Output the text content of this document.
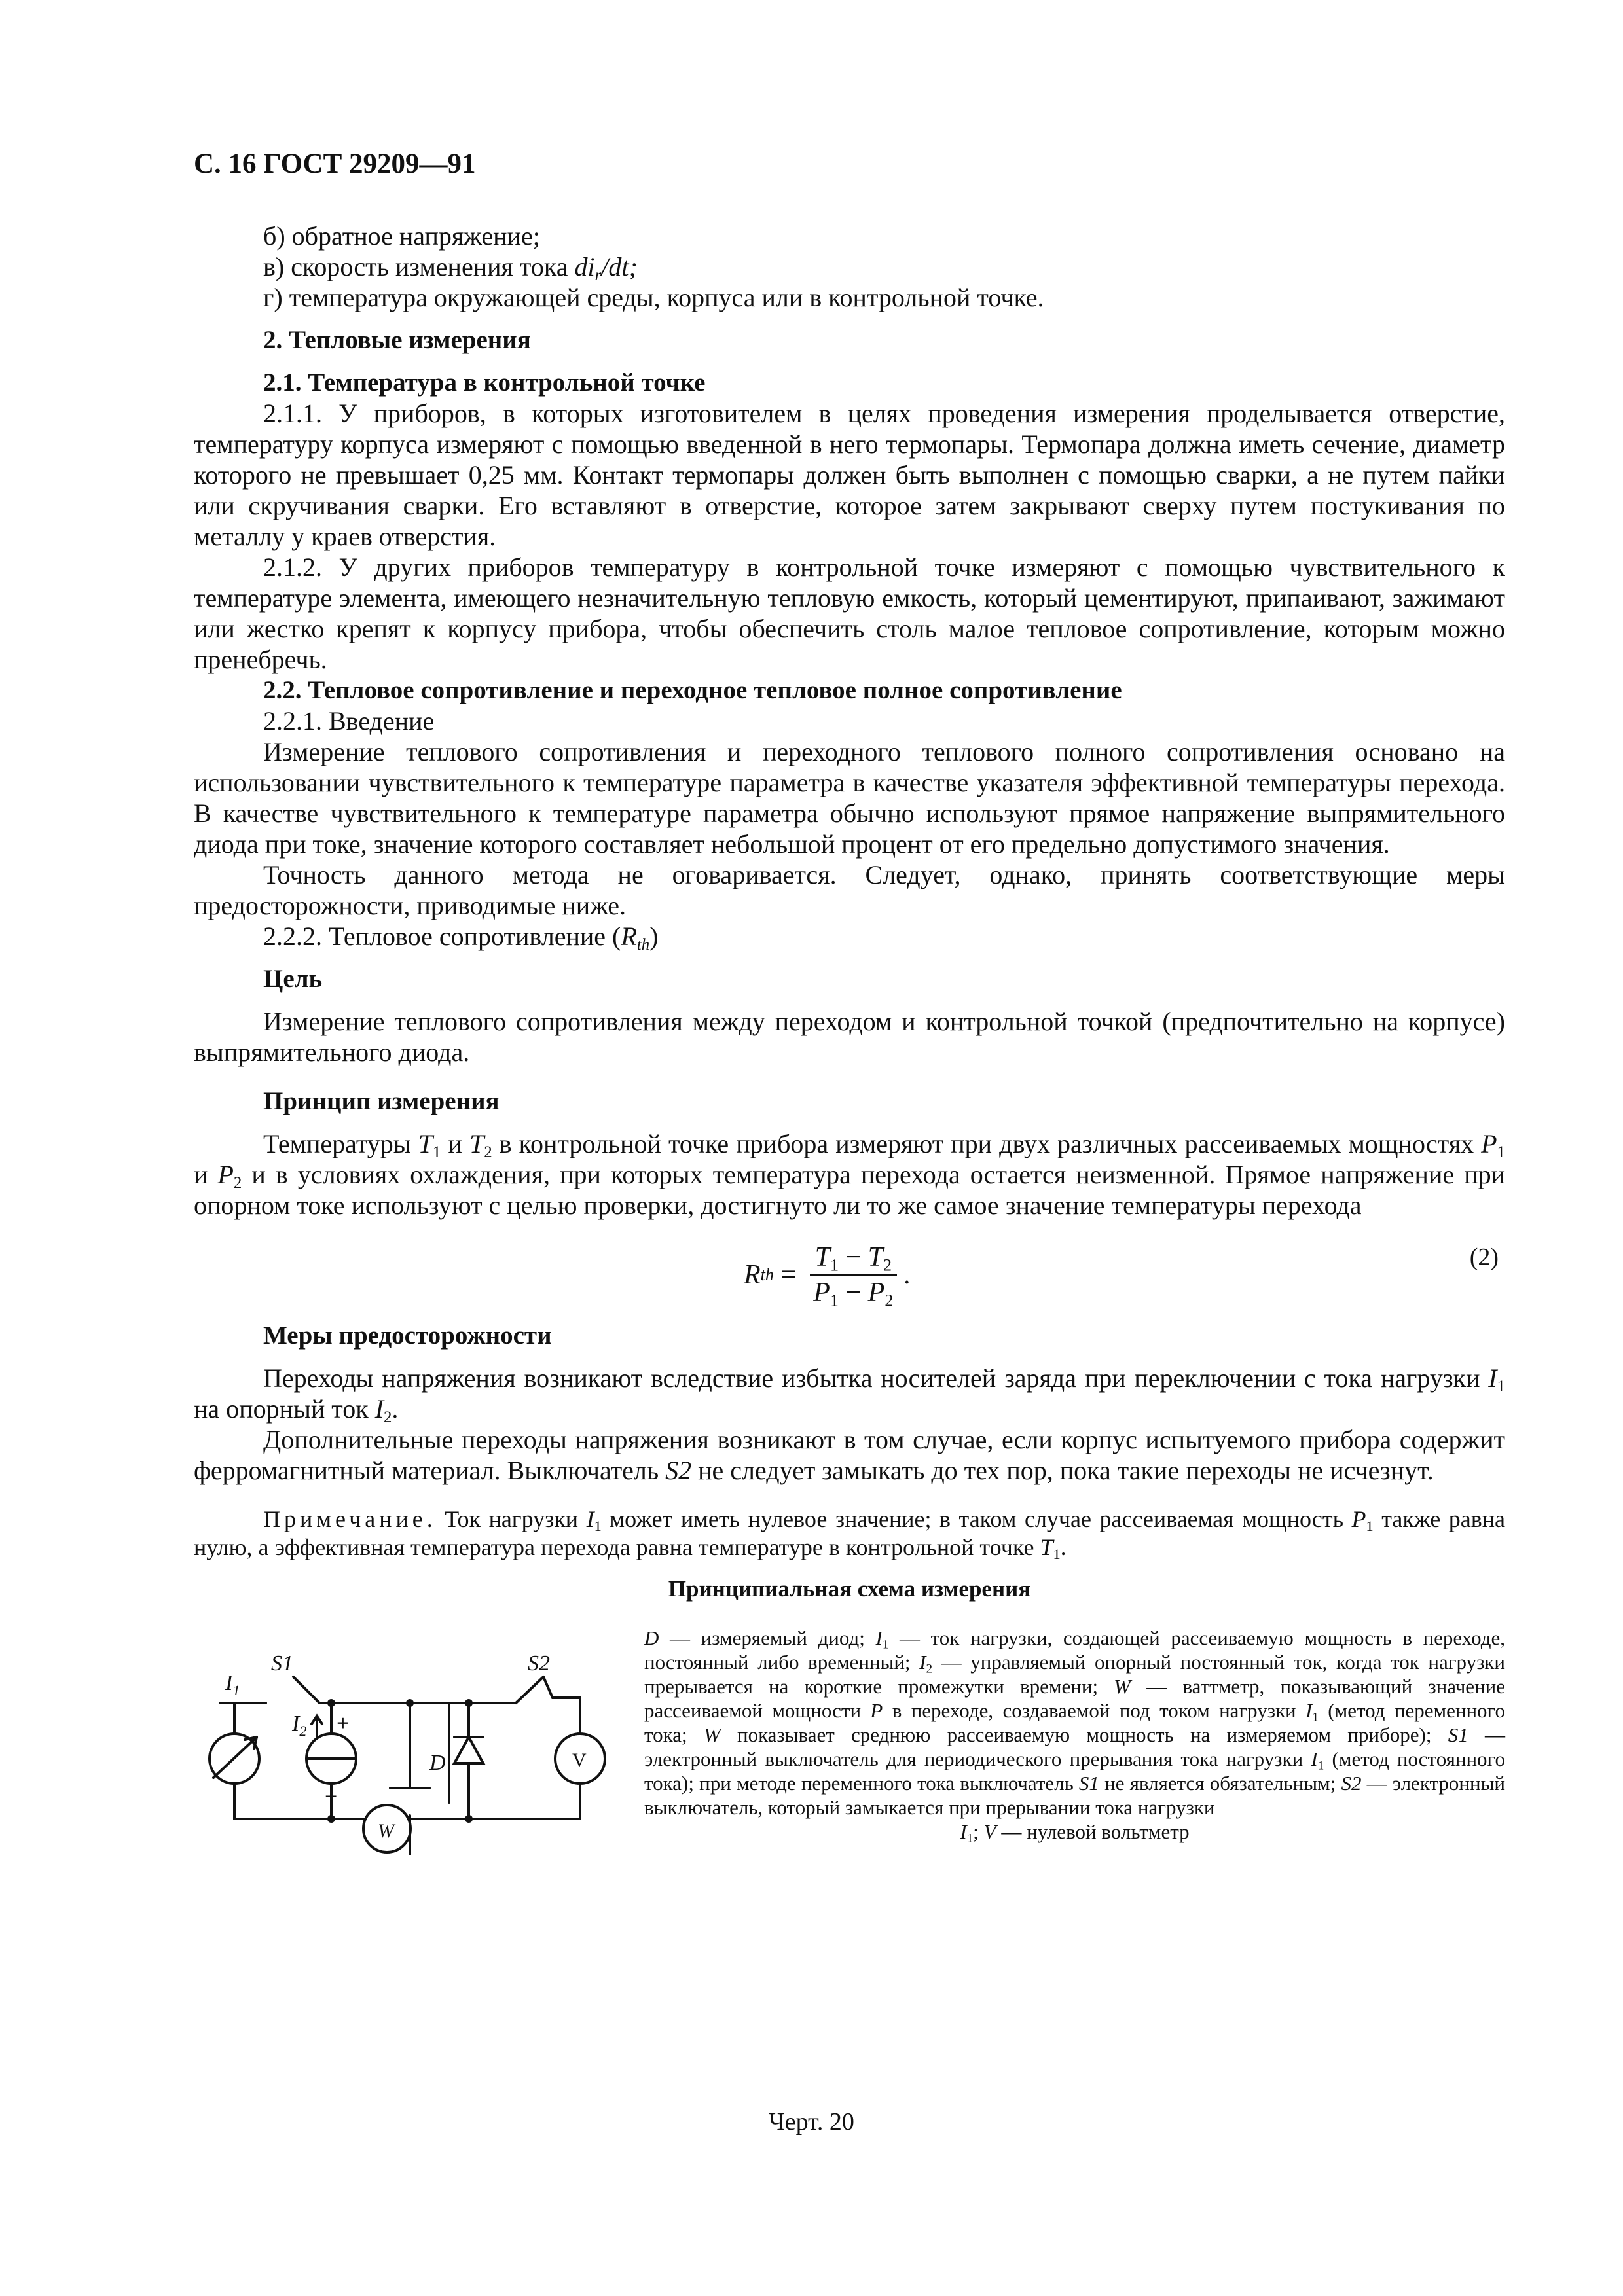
С. 16 ГОСТ 29209—91

б) обратное напряжение;

в) скорость изменения тока $di_r/dt$;

г) температура окружающей среды, корпуса или в контрольной точке.

2. Тепловые измерения

2.1. Температура в контрольной точке

2.1.1. У приборов, в которых изготовителем в целях проведения измерения проделывается отверстие, температуру корпуса измеряют с помощью введенной в него термопары. Термопара должна иметь сечение, диаметр которого не превышает 0,25 мм. Контакт термопары должен быть выполнен с помощью сварки, а не путем пайки или скручивания сварки. Его вставляют в отверстие, которое затем закрывают сверху путем постукивания по металлу у краев отверстия.

2.1.2. У других приборов температуру в контрольной точке измеряют с помощью чувствительного к температуре элемента, имеющего незначительную тепловую емкость, который цементируют, припаивают, зажимают или жестко крепят к корпусу прибора, чтобы обеспечить столь малое тепловое сопротивление, которым можно пренебречь.

2.2. Тепловое сопротивление и переходное тепловое полное сопротивление

2.2.1. Введение

Измерение теплового сопротивления и переходного теплового полного сопротивления основано на использовании чувствительного к температуре параметра в качестве указателя эффективной температуры перехода. В качестве чувствительного к температуре параметра обычно используют прямое напряжение выпрямительного диода при токе, значение которого составляет небольшой процент от его предельно допустимого значения.

Точность данного метода не оговаривается. Следует, однако, принять соответствующие меры предосторожности, приводимые ниже.

2.2.2. Тепловое сопротивление $(R_{th})$

Цель

Измерение теплового сопротивления между переходом и контрольной точкой (предпочтительно на корпусе) выпрямительного диода.

Принцип измерения

Температуры $T_1$ и $T_2$ в контрольной точке прибора измеряют при двух различных рассеиваемых мощностях $P_1$ и $P_2$ и в условиях охлаждения, при которых температура перехода остается неизменной. Прямое напряжение при опорном токе используют с целью проверки, достигнуто ли то же самое значение температуры перехода

R th = $\frac{T_1 - T_2}{P_1 - P_2}$ .
(2)

Меры предосторожности

Переходы напряжения возникают вследствие избытка носителей заряда при переключении с тока нагрузки $I_1$ на опорный ток $I_2$.

Дополнительные переходы напряжения возникают в том случае, если корпус испытуемого прибора содержит ферромагнитный материал. Выключатель S2 не следует замыкать до тех пор, пока такие переходы не исчезнут.

Примечание. Ток нагрузки $I_1$ может иметь нулевое значение; в таком случае рассеиваемая мощность $P_1$ также равна нулю, а эффективная температура перехода равна температуре в контрольной точке $T_1$.
Принципиальная схема измерения
$I_1$
S1	S2
$I_2$ +
−
D
W
V
D — измеряемый диод; $I_1$ — ток нагрузки, создающей рассеиваемую мощность в переходе, постоянный либо временный; $I_2$ — управляемый опорный постоянный ток, когда ток нагрузки прерывается на короткие промежутки времени; W — ваттметр, показывающий значение рассеиваемой мощности P в переходе, создаваемой под током нагрузки $I_1$ (метод переменного тока; W показывает среднюю рассеиваемую мощность на измеряемом приборе); S1 — электронный выключатель для периодического прерывания тока нагрузки $I_1$ (метод постоянного тока); при методе переменного тока выключатель S1 не является обязательным; S2 — электронный выключатель, который замыкается при прерывании тока нагрузки
$I_1$; V — нулевой вольтметр
Черт. 20
